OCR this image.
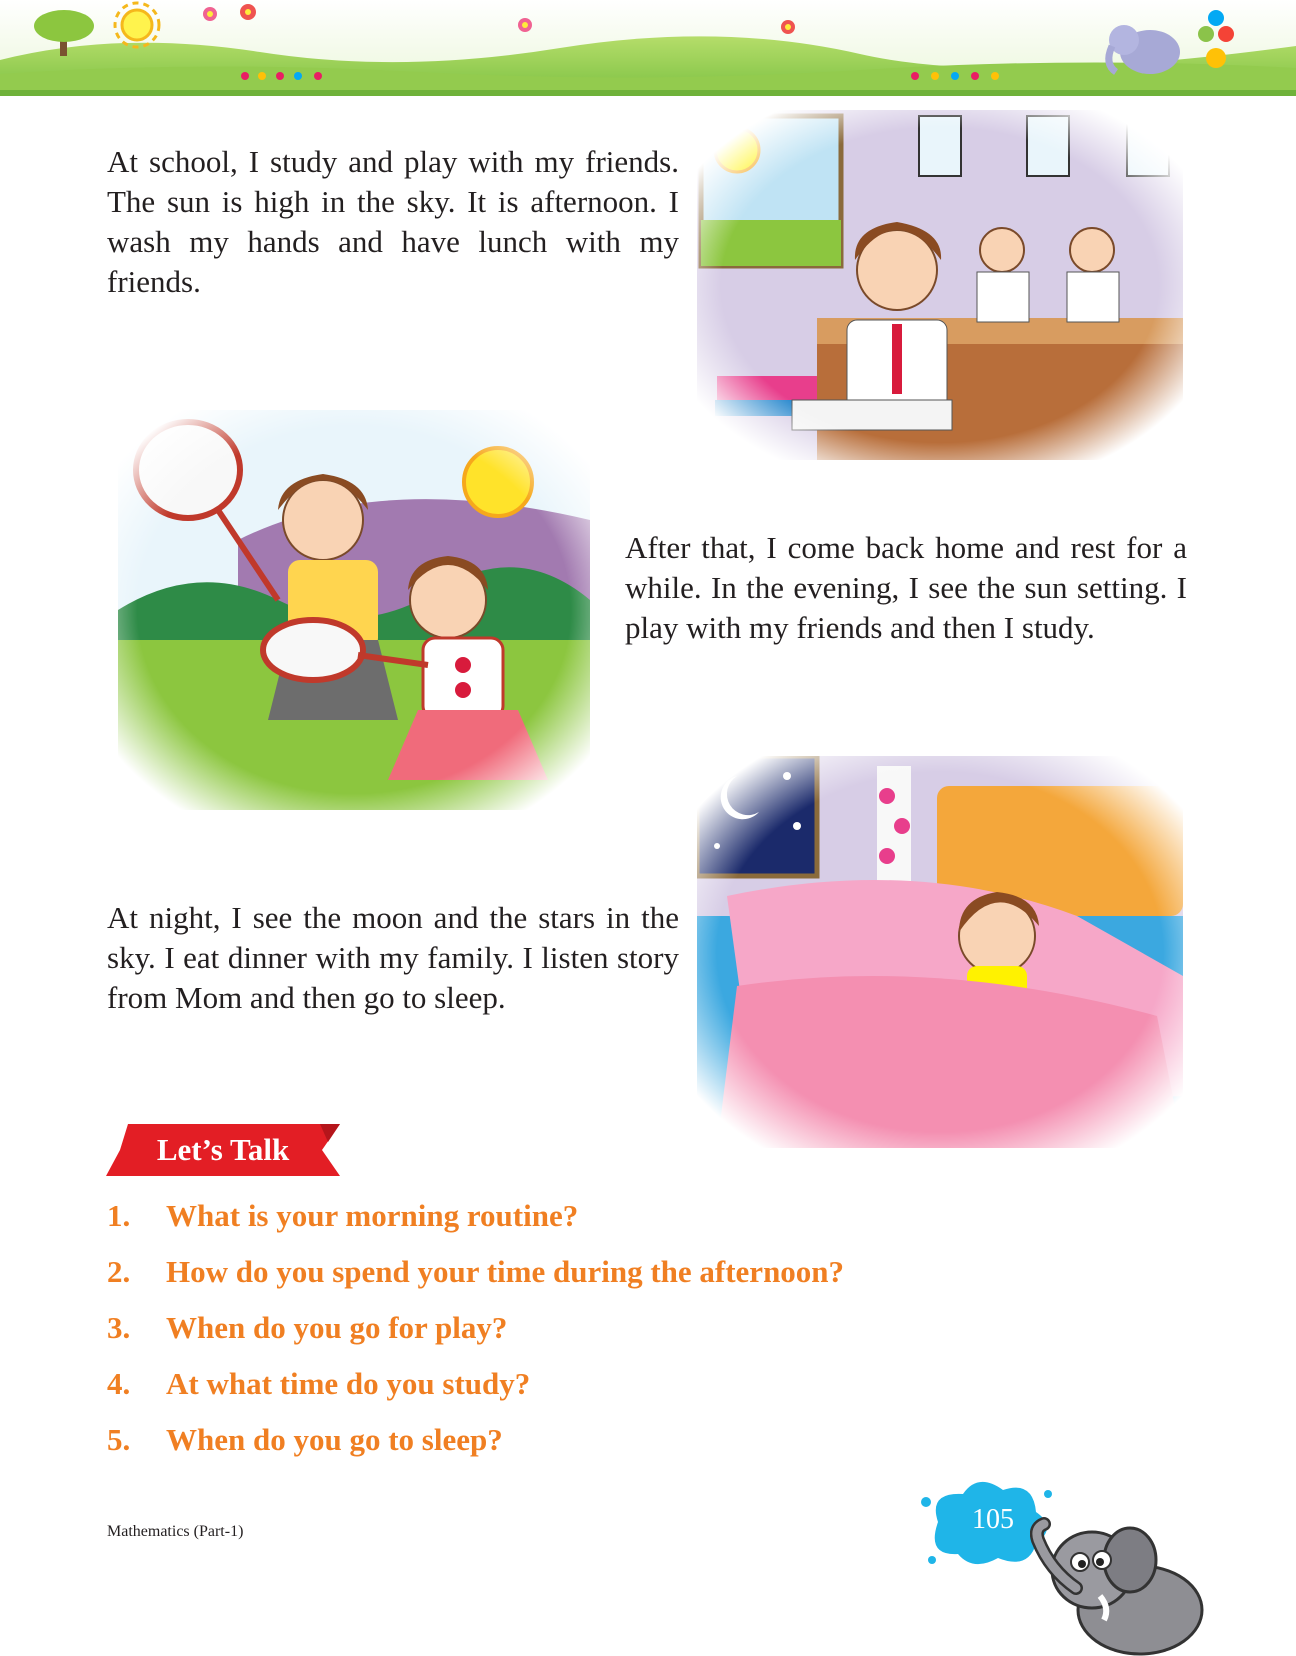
At school, I study and play with my friends. The sun is high in the sky. It is afternoon. I wash my hands and have lunch with my friends.

After that, I come back home and rest for a while. In the evening, I see the sun setting. I play with my friends and then I study.

At night, I see the moon and the stars in the sky. I eat dinner with my family. I listen story from Mom and then go to sleep.

Let’s Talk
1.	What is your morning routine?
2.	How do you spend your time during the afternoon?
3.	When do you go for play?
4.	At what time do you study?
5.	When do you go to sleep?
Mathematics (Part-1)	105
